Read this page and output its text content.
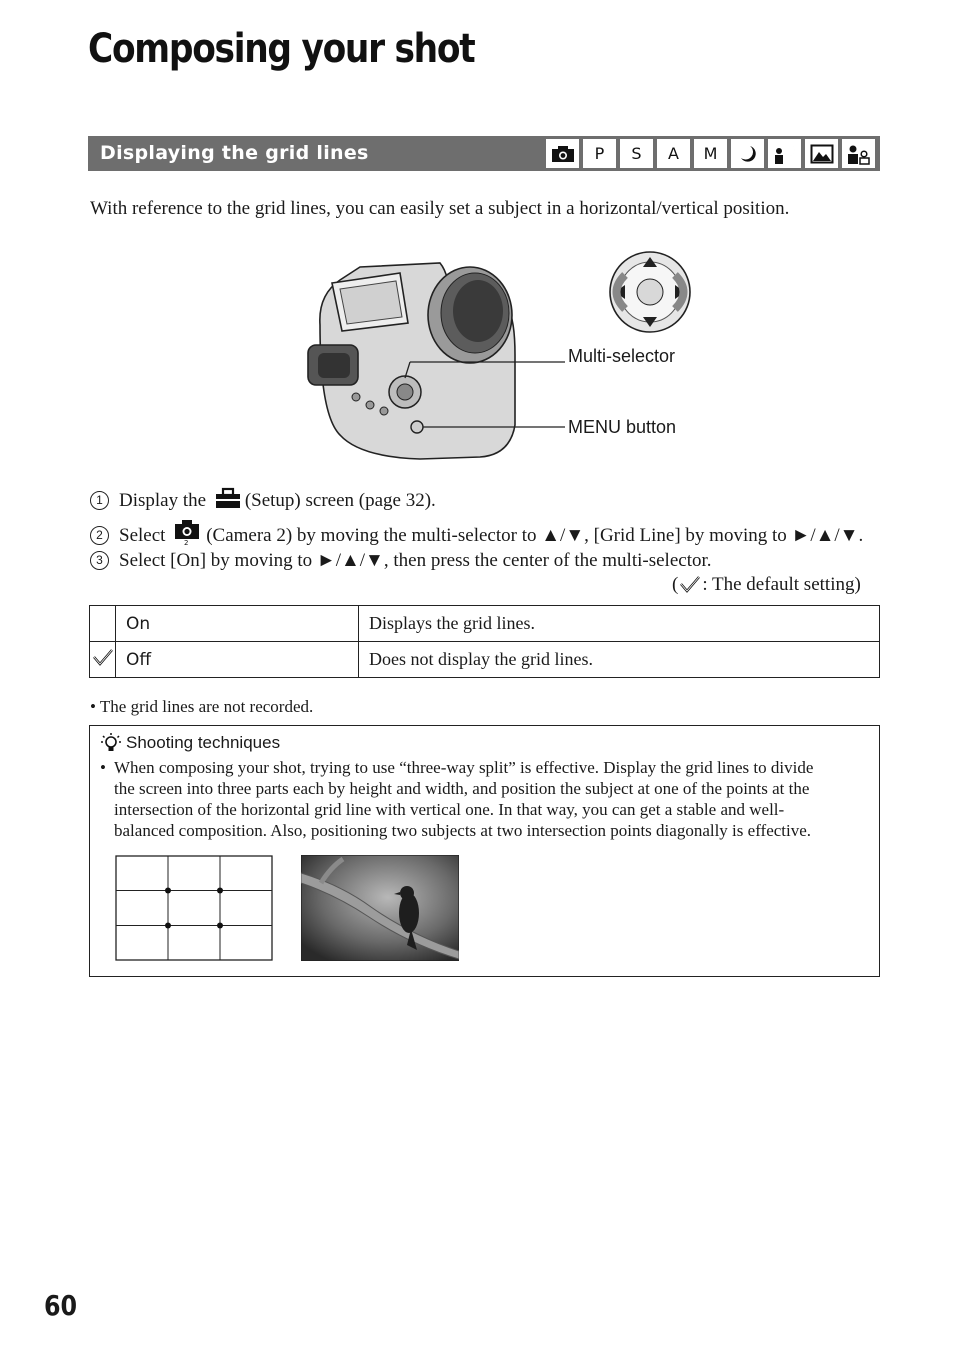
Composing your shot
Displaying the grid lines	P	S	A	M
With reference to the grid lines, you can easily set a subject in a horizontal/vertical position.
Multi-selector
MENU button
1 Display the (Setup) screen (page 32).
2 Select	2 (Camera 2) by moving the multi-selector to ▲/▼, [Grid Line] by moving to ►/▲/▼.
3 Select [On] by moving to ►/▲/▼, then press the center of the multi-selector.
( : The default setting)
	On	Displays the grid lines.
	Off	Does not display the grid lines.
• The grid lines are not recorded.
Shooting techniques
• When composing your shot, trying to use “three-way split” is effective. Display the grid lines to divide
the screen into three parts each by height and width, and position the subject at one of the points at the
intersection of the horizontal grid line with vertical one. In that way, you can get a stable and well-
balanced composition. Also, positioning two subjects at two intersection points diagonally is effective.
60
